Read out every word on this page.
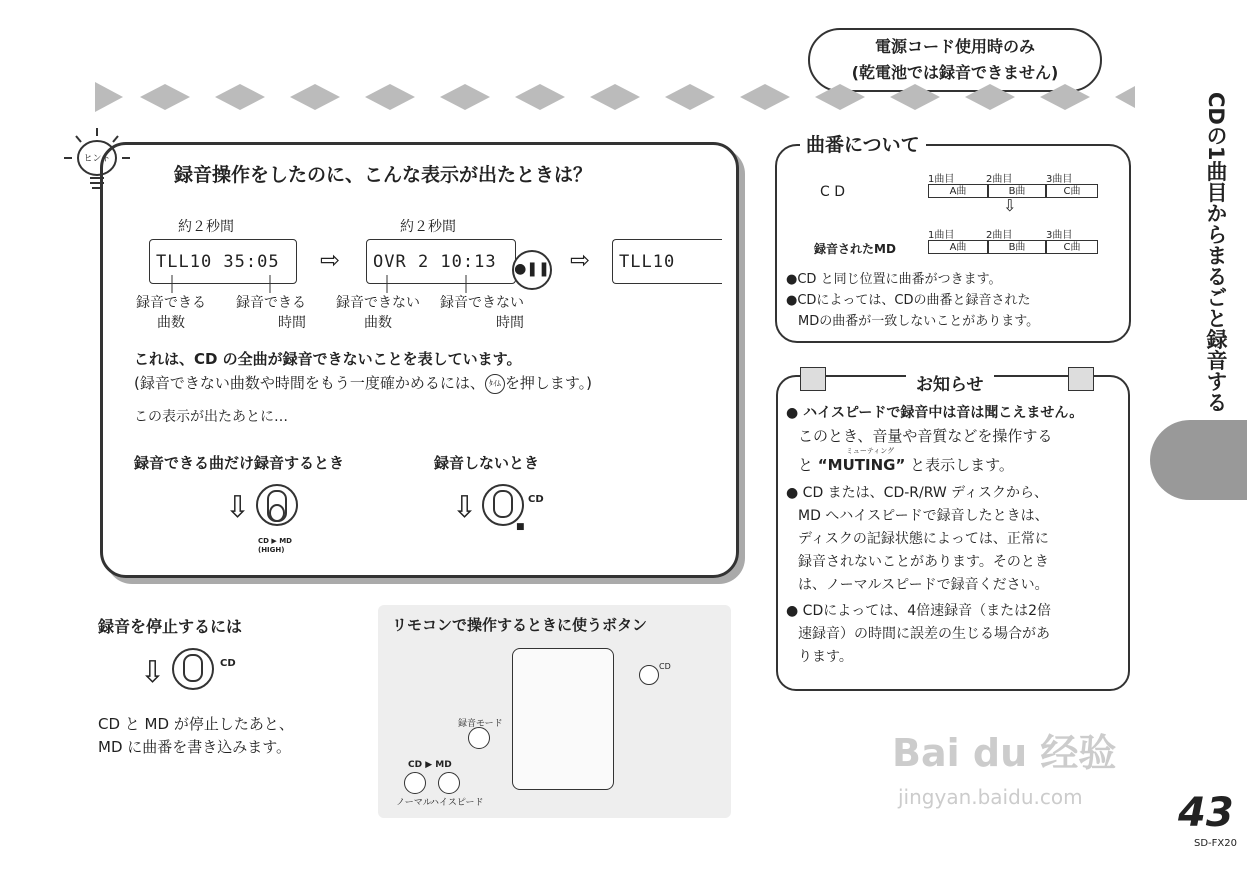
電源コード使用時のみ
(乾電池では録音できません)
CDの1曲目からまるごと録音する
ヒント
録音操作をしたのに、こんな表示が出たときは？
約２秒間	約２秒間
TLL10 35:05	⇨	OVR 2 10:13	●❚❚ ⇨	TLL10
録音できる
曲数
録音できる
時間
録音できない
曲数
録音できない
時間
これは、CD の全曲が録音できないことを表しています。
(録音できない曲数や時間をもう一度確かめるには、 ﾀｲﾑ を押します。)
この表示が出たあとに…
録音できる曲だけ録音するとき	録音しないとき
⇩
CD ▶ MD
(HIGH)
⇩	CD
■
録音を停止するには
⇩	CD
CD と MD が停止したあと、
MD に曲番を書き込みます。
リモコンで操作するときに使うボタン
録音モード
CD ▶ MD
ノーマル
ハイスピード
CD
曲番について
C D
録音されたMD
1曲目	2曲目	3曲目
A曲	B曲	C曲
⇩
1曲目	2曲目	3曲目
A曲	B曲	C曲
●CD と同じ位置に曲番がつきます。
●CDによっては、CDの曲番と録音された
MDの曲番が一致しないことがあります。
お知らせ
● ハイスピードで録音中は音は聞こえません。
このとき、音量や音質などを操作する
ミューティング
と “MUTING” と表示します。
● CD または、CD-R/RW ディスクから、
MD へハイスピードで録音したときは、
ディスクの記録状態によっては、正常に
録音されないことがあります。そのとき
は、ノーマルスピードで録音ください。
● CDによっては、4倍速録音（または2倍
速録音）の時間に誤差の生じる場合があ
ります。
Bai du 经验
jingyan.baidu.com 43
SD-FX20
